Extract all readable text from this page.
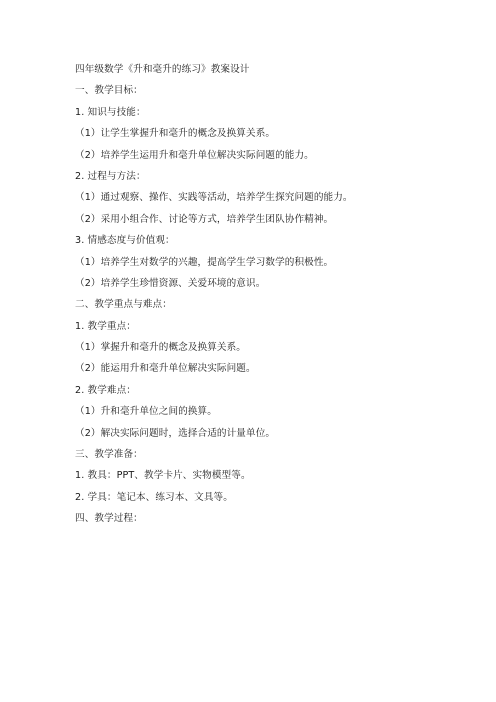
四年级数学《升和毫升的练习》教案设计
一、教学目标：
1. 知识与技能：
（1）让学生掌握升和毫升的概念及换算关系。
（2）培养学生运用升和毫升单位解决实际问题的能力。
2. 过程与方法：
（1）通过观察、操作、实践等活动，培养学生探究问题的能力。
（2）采用小组合作、讨论等方式，培养学生团队协作精神。
3. 情感态度与价值观：
（1）培养学生对数学的兴趣，提高学生学习数学的积极性。
（2）培养学生珍惜资源、关爱环境的意识。
二、教学重点与难点：
1. 教学重点：
（1）掌握升和毫升的概念及换算关系。
（2）能运用升和毫升单位解决实际问题。
2. 教学难点：
（1）升和毫升单位之间的换算。
（2）解决实际问题时，选择合适的计量单位。
三、教学准备：
1. 教具：PPT、教学卡片、实物模型等。
2. 学具：笔记本、练习本、文具等。
四、教学过程：
